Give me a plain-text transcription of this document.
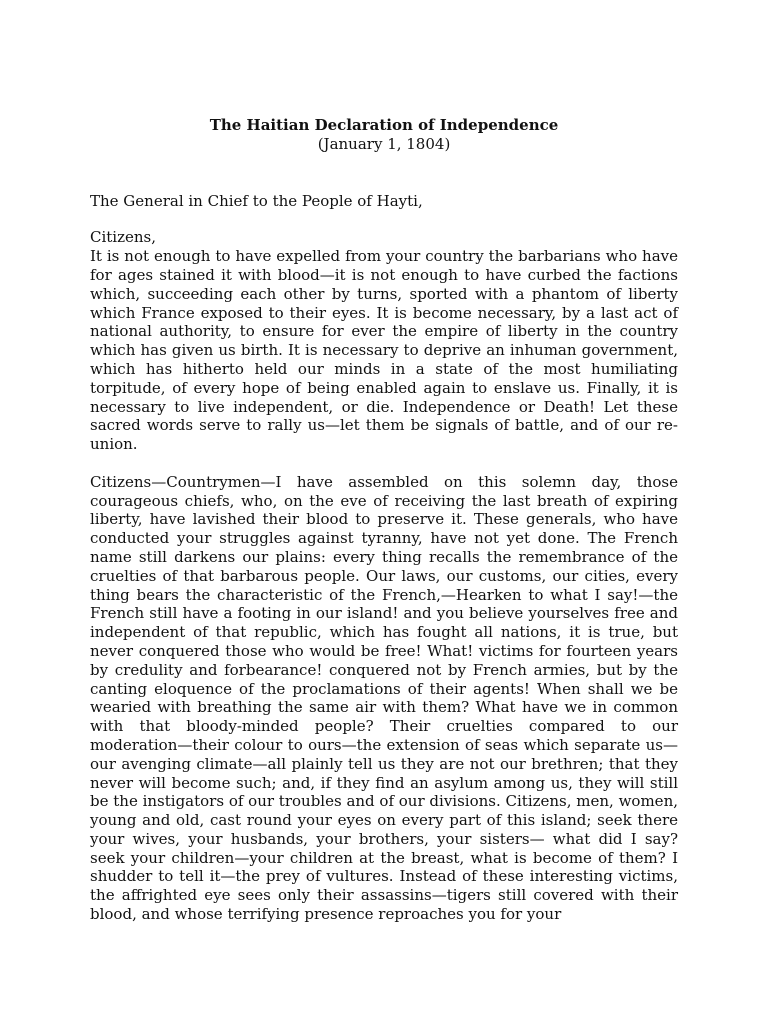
The Haitian Declaration of Independence

(January 1, 1804)

The General in Chief to the People of Hayti,

Citizens,

It is not enough to have expelled from your country the barbarians who have for ages stained it with blood—it is not enough to have curbed the factions which, succeeding each other by turns, sported with a phantom of liberty which France exposed to their eyes. It is become necessary, by a last act of national authority, to ensure for ever the empire of liberty in the country which has given us birth. It is necessary to deprive an inhuman government, which has hitherto held our minds in a state of the most humiliating torpitude, of every hope of being enabled again to enslave us. Finally, it is necessary to live independent, or die. Independence or Death! Let these sacred words serve to rally us—let them be signals of battle, and of our re-union.

Citizens—Countrymen—I have assembled on this solemn day, those courageous chiefs, who, on the eve of receiving the last breath of expiring liberty, have lavished their blood to preserve it. These generals, who have conducted your struggles against tyranny, have not yet done. The French name still darkens our plains: every thing recalls the remembrance of the cruelties of that barbarous people. Our laws, our customs, our cities, every thing bears the characteristic of the French,—Hearken to what I say!—the French still have a footing in our island! and you believe yourselves free and independent of that republic, which has fought all nations, it is true, but never conquered those who would be free! What! victims for fourteen years by credulity and forbearance! conquered not by French armies, but by the canting eloquence of the proclamations of their agents! When shall we be wearied with breathing the same air with them? What have we in common with that bloody-minded people? Their cruelties compared to our moderation—their colour to ours—the extension of seas which separate us—our avenging climate—all plainly tell us they are not our brethren; that they never will become such; and, if they find an asylum among us, they will still be the instigators of our troubles and of our divisions. Citizens, men, women, young and old, cast round your eyes on every part of this island; seek there your wives, your husbands, your brothers, your sisters— what did I say? seek your children—your children at the breast, what is become of them? I shudder to tell it—the prey of vultures. Instead of these interesting victims, the affrighted eye sees only their assassins—tigers still covered with their blood, and whose terrifying presence reproaches you for your
